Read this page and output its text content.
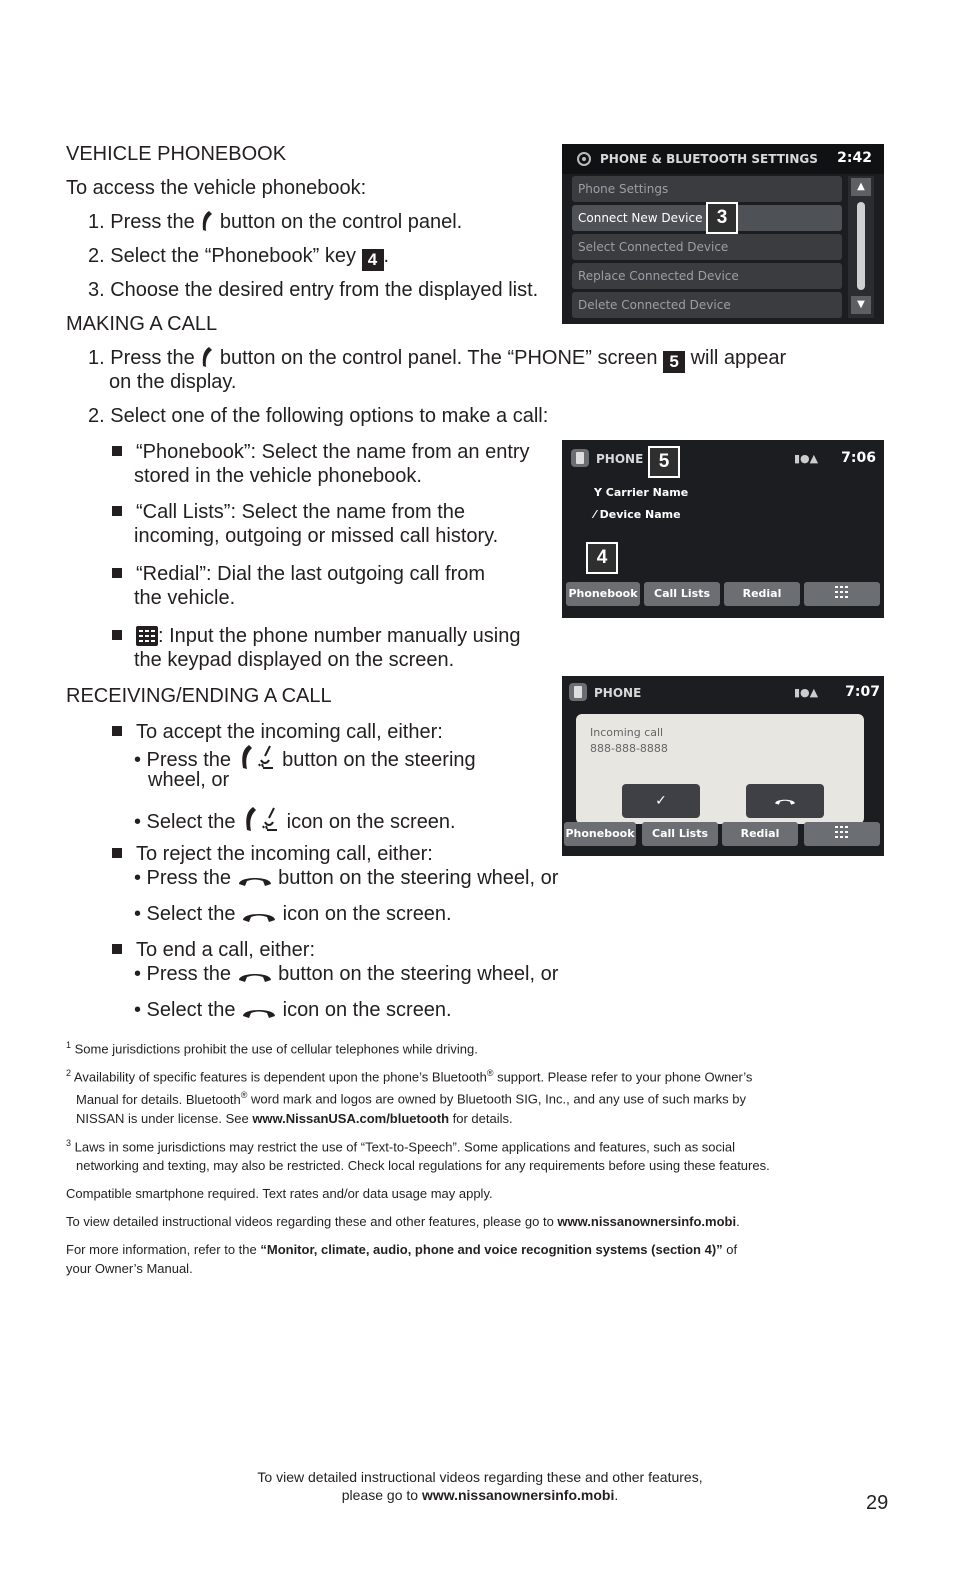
VEHICLE PHONEBOOK
To access the vehicle phonebook:
1. Press the  button on the control panel.
2. Select the “Phonebook” key 4 .
3. Choose the desired entry from the displayed list.
MAKING A CALL
1. Press the  button on the control panel. The “PHONE” screen 5 will appear
on the display.
2. Select one of the following options to make a call:
“Phonebook”: Select the name from an entry
stored in the vehicle phonebook.
“Call Lists”: Select the name from the
incoming, outgoing or missed call history.
“Redial”: Dial the last outgoing call from
the vehicle.
: Input the phone number manually using
the keypad displayed on the screen.
RECEIVING/ENDING A CALL
To accept the incoming call, either:
• Press the  button on the steering
wheel, or
• Select the  icon on the screen.
To reject the incoming call, either:
• Press the  button on the steering wheel, or
• Select the  icon on the screen.
To end a call, either:
• Press the  button on the steering wheel, or
• Select the  icon on the screen.
$^1$ Some jurisdictions prohibit the use of cellular telephones while driving.
$^2$ Availability of specific features is dependent upon the phone’s Bluetooth® support. Please refer to your phone Owner’s
Manual for details. Bluetooth® word mark and logos are owned by Bluetooth SIG, Inc., and any use of such marks by
NISSAN is under license. See www.NissanUSA.com/bluetooth for details.
$^3$ Laws in some jurisdictions may restrict the use of “Text-to-Speech”. Some applications and features, such as social
networking and texting, may also be restricted. Check local regulations for any requirements before using these features.
Compatible smartphone required. Text rates and/or data usage may apply.
To view detailed instructional videos regarding these and other features, please go to www.nissanownersinfo.mobi.
For more information, refer to the “Monitor, climate, audio, phone and voice recognition systems (section 4)” of
your Owner’s Manual.
To view detailed instructional videos regarding these and other features,
please go to www.nissanownersinfo.mobi.	29
PHONE & BLUETOOTH SETTINGS 2:42
Phone Settings
Connect New Device
Select Connected Device
Replace Connected Device
Delete Connected Device
▲
▼
3
PHONE	▮●▲ 7:06
Y Carrier Name
⁄ Device Name
Phonebook	Call Lists	Redial
5
4
PHONE	▮●▲ 7:07
Incoming call
888-888-8888
✓
Phonebook	Call Lists	Redial
